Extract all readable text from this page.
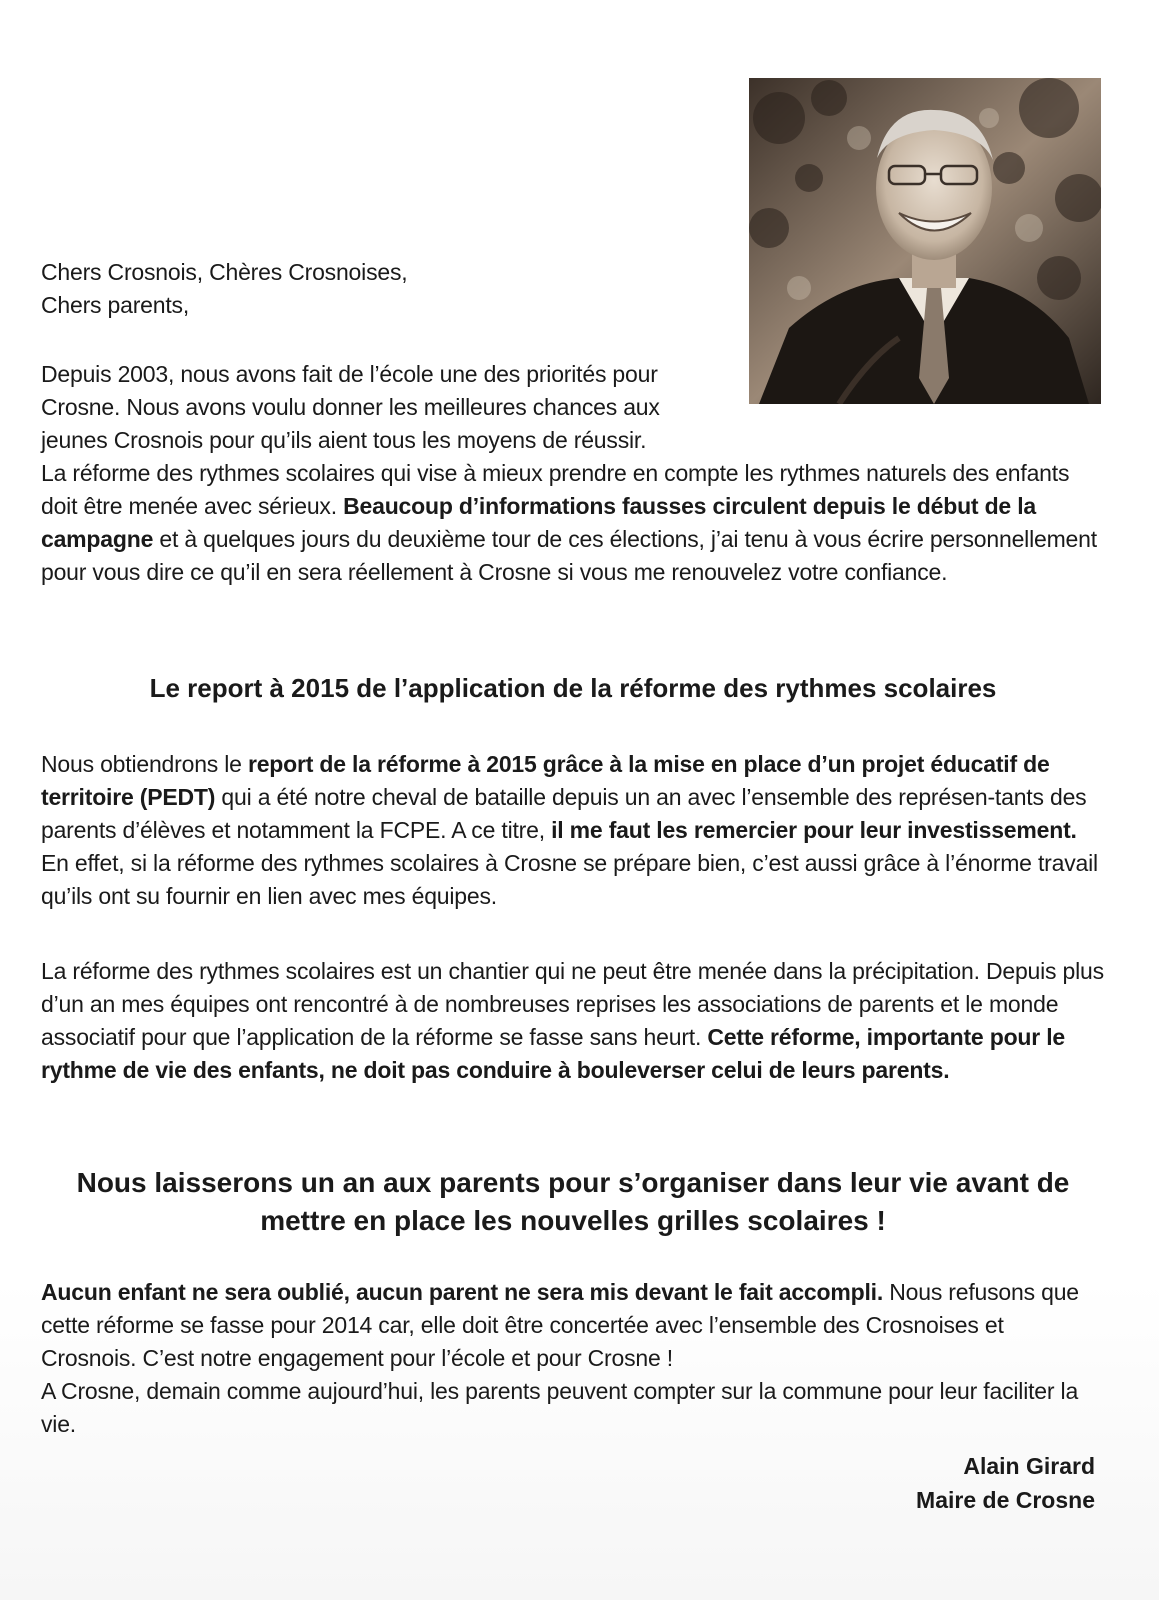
Chers Crosnois, Chères Crosnoises,

Chers parents,

Depuis 2003, nous avons fait de l’école une des priorités pour Crosne. Nous avons voulu donner les meilleures chances aux jeunes Crosnois pour qu’ils aient tous les moyens de réussir.

La réforme des rythmes scolaires qui vise à mieux prendre en compte les rythmes naturels des enfants doit être menée avec sérieux. Beaucoup d’informations fausses circulent depuis le début de la campagne et à quelques jours du deuxième tour de ces élections, j’ai tenu à vous écrire personnellement pour vous dire ce qu’il en sera réellement à Crosne si vous me renouvelez votre confiance.

Le report à 2015 de l’application de la réforme des rythmes scolaires

Nous obtiendrons le report de la réforme à 2015 grâce à la mise en place d’un projet éducatif de territoire (PEDT) qui a été notre cheval de bataille depuis un an avec l’ensemble des représen-tants des parents d’élèves et notamment la FCPE. A ce titre, il me faut les remercier pour leur investissement. En effet, si la réforme des rythmes scolaires à Crosne se prépare bien, c’est aussi grâce à l’énorme travail qu’ils ont su fournir en lien avec mes équipes.

La réforme des rythmes scolaires est un chantier qui ne peut être menée dans la précipitation. Depuis plus d’un an mes équipes ont rencontré à de nombreuses reprises les associations de parents et le monde associatif pour que l’application de la réforme se fasse sans heurt. Cette réforme, importante pour le rythme de vie des enfants, ne doit pas conduire à bouleverser celui de leurs parents.

Nous laisserons un an aux parents pour s’organiser dans leur vie avant de
mettre en place les nouvelles grilles scolaires !

Aucun enfant ne sera oublié, aucun parent ne sera mis devant le fait accompli. Nous refusons que cette réforme se fasse pour 2014 car, elle doit être concertée avec l’ensemble des Crosnoises et Crosnois. C’est notre engagement pour l’école et pour Crosne !

A Crosne, demain comme aujourd’hui, les parents peuvent compter sur la commune pour leur faciliter la vie.

Alain Girard
Maire de Crosne
